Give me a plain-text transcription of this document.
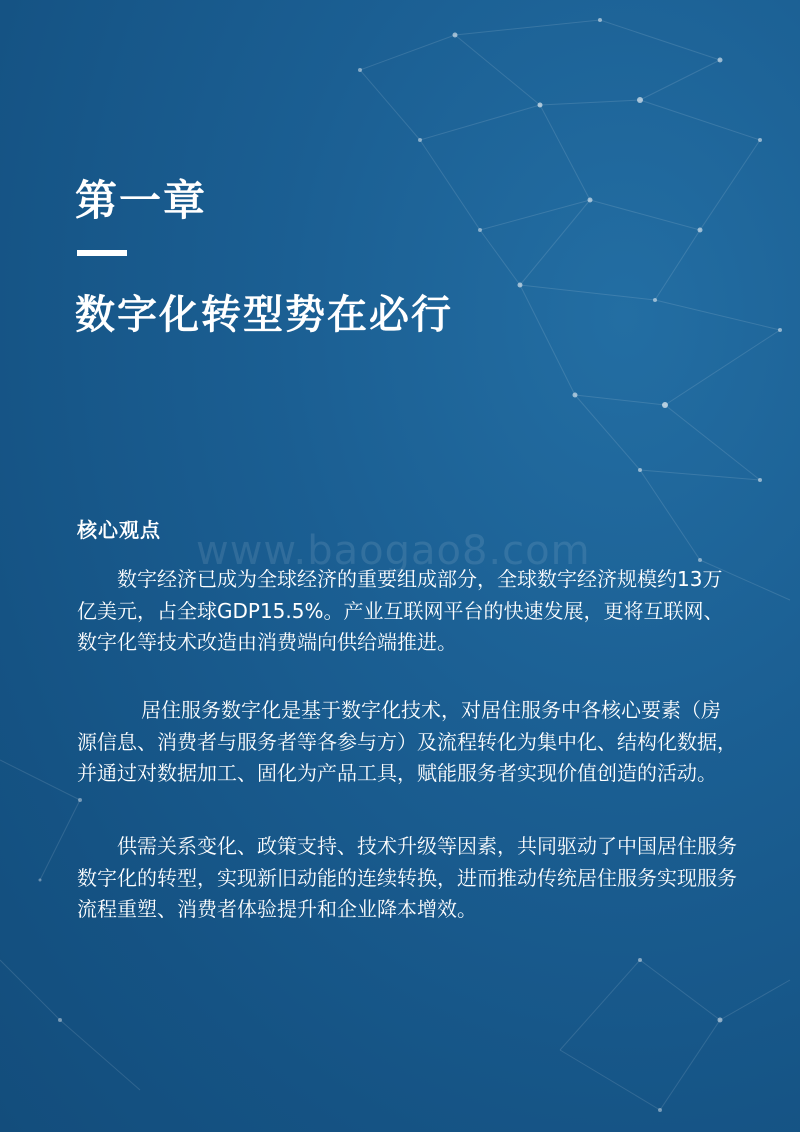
www.baogao8.com
第一章
数字化转型势在必行
核心观点

数字经济已成为全球经济的重要组成部分，全球数字经济规模约13万亿美元，占全球GDP15.5%。产业互联网平台的快速发展，更将互联网、数字化等技术改造由消费端向供给端推进。

居住服务数字化是基于数字化技术，对居住服务中各核心要素（房源信息、消费者与服务者等各参与方）及流程转化为集中化、结构化数据，并通过对数据加工、固化为产品工具，赋能服务者实现价值创造的活动。

供需关系变化、政策支持、技术升级等因素，共同驱动了中国居住服务数字化的转型，实现新旧动能的连续转换，进而推动传统居住服务实现服务流程重塑、消费者体验提升和企业降本增效。
